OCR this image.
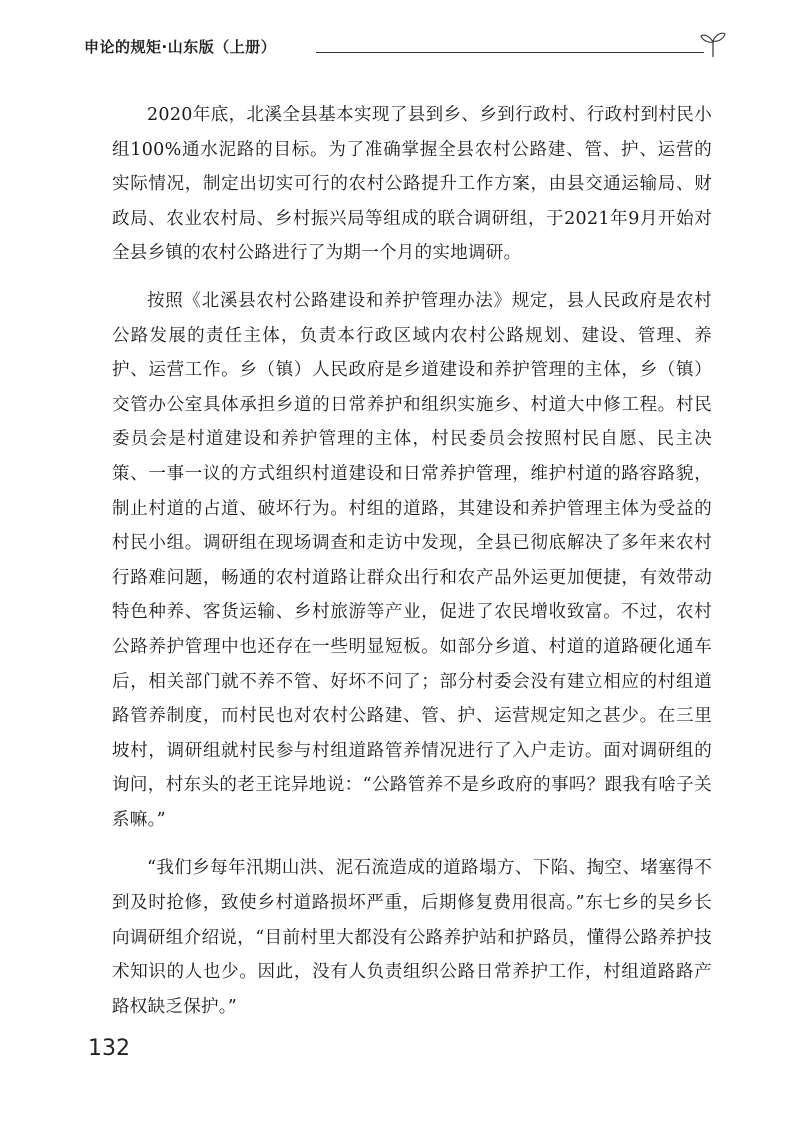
申论的规矩·山东版（上册）

2020年底，北溪全县基本实现了县到乡、乡到行政村、行政村到村民小组100%通水泥路的目标。为了准确掌握全县农村公路建、管、护、运营的实际情况，制定出切实可行的农村公路提升工作方案，由县交通运输局、财政局、农业农村局、乡村振兴局等组成的联合调研组，于2021年9月开始对全县乡镇的农村公路进行了为期一个月的实地调研。

按照《北溪县农村公路建设和养护管理办法》规定，县人民政府是农村公路发展的责任主体，负责本行政区域内农村公路规划、建设、管理、养护、运营工作。乡（镇）人民政府是乡道建设和养护管理的主体，乡（镇）交管办公室具体承担乡道的日常养护和组织实施乡、村道大中修工程。村民委员会是村道建设和养护管理的主体，村民委员会按照村民自愿、民主决策、一事一议的方式组织村道建设和日常养护管理，维护村道的路容路貌，制止村道的占道、破坏行为。村组的道路，其建设和养护管理主体为受益的村民小组。调研组在现场调查和走访中发现，全县已彻底解决了多年来农村行路难问题，畅通的农村道路让群众出行和农产品外运更加便捷，有效带动特色种养、客货运输、乡村旅游等产业，促进了农民增收致富。不过，农村公路养护管理中也还存在一些明显短板。如部分乡道、村道的道路硬化通车后，相关部门就不养不管、好坏不问了；部分村委会没有建立相应的村组道路管养制度，而村民也对农村公路建、管、护、运营规定知之甚少。在三里坡村，调研组就村民参与村组道路管养情况进行了入户走访。面对调研组的询问，村东头的老王诧异地说：“公路管养不是乡政府的事吗？跟我有啥子关系嘛。”

“我们乡每年汛期山洪、泥石流造成的道路塌方、下陷、掏空、堵塞得不到及时抢修，致使乡村道路损坏严重，后期修复费用很高。”东七乡的吴乡长向调研组介绍说，“目前村里大都没有公路养护站和护路员，懂得公路养护技术知识的人也少。因此，没有人负责组织公路日常养护工作，村组道路路产路权缺乏保护。”

132
